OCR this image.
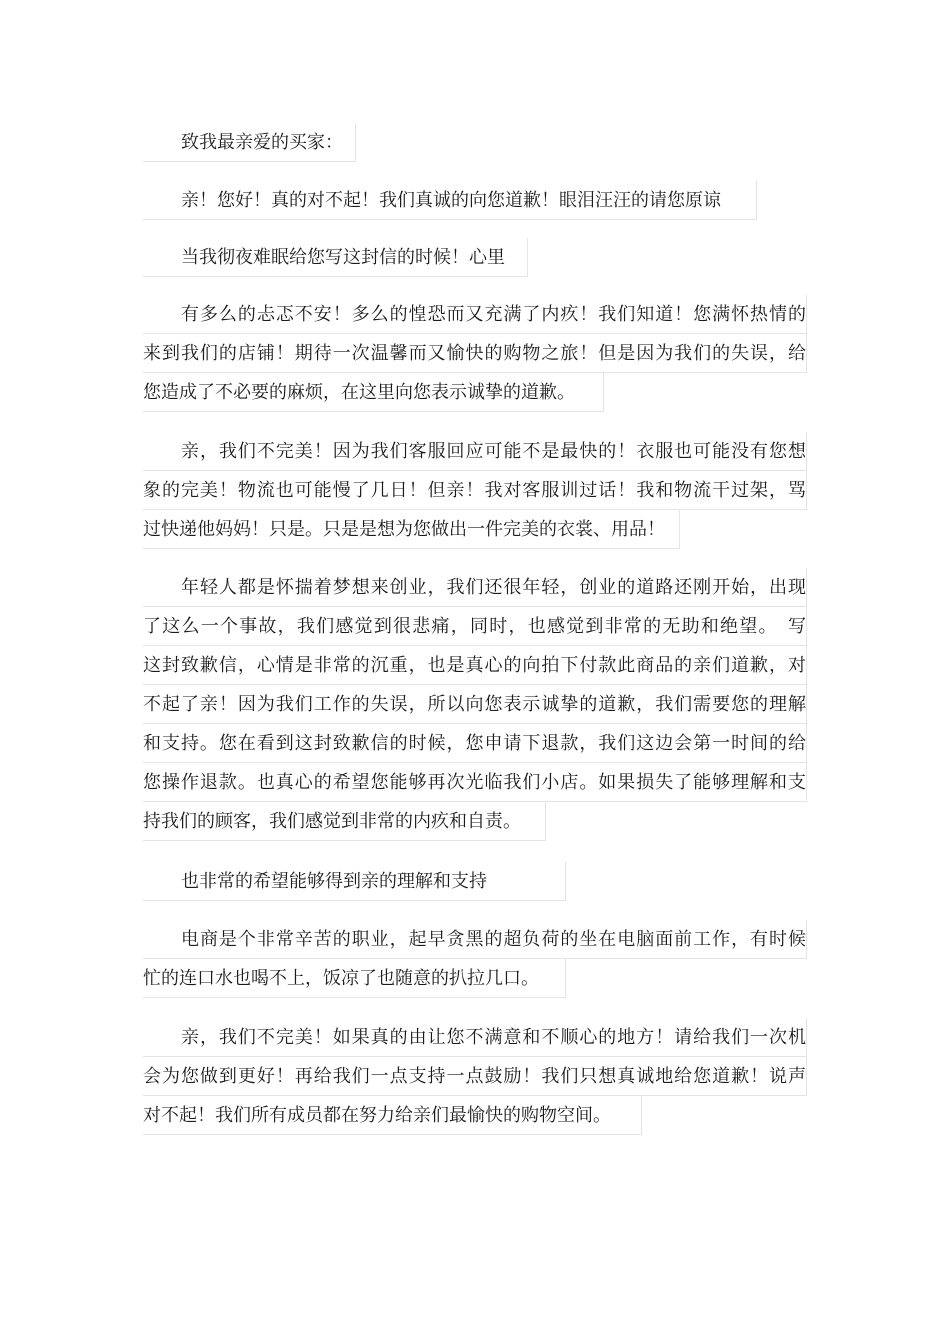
致我最亲爱的买家：
亲！您好！真的对不起！我们真诚的向您道歉！眼泪汪汪的请您原谅
当我彻夜难眠给您写这封信的时候！心里
有多么的忐忑不安！多么的惶恐而又充满了内疚！我们知道！您满怀热情的
来到我们的店铺！期待一次温馨而又愉快的购物之旅！但是因为我们的失误，给
您造成了不必要的麻烦，在这里向您表示诚挚的道歉。
亲，我们不完美！因为我们客服回应可能不是最快的！衣服也可能没有您想
象的完美！物流也可能慢了几日！但亲！我对客服训过话！我和物流干过架，骂
过快递他妈妈！只是。只是是想为您做出一件完美的衣裳、用品！
年轻人都是怀揣着梦想来创业，我们还很年轻，创业的道路还刚开始，出现
了这么一个事故，我们感觉到很悲痛，同时，也感觉到非常的无助和绝望。　写
这封致歉信，心情是非常的沉重，也是真心的向拍下付款此商品的亲们道歉，对
不起了亲！因为我们工作的失误，所以向您表示诚挚的道歉，我们需要您的理解
和支持。您在看到这封致歉信的时候，您申请下退款，我们这边会第一时间的给
您操作退款。也真心的希望您能够再次光临我们小店。如果损失了能够理解和支
持我们的顾客，我们感觉到非常的内疚和自责。
也非常的希望能够得到亲的理解和支持
电商是个非常辛苦的职业，起早贪黑的超负荷的坐在电脑面前工作，有时候
忙的连口水也喝不上，饭凉了也随意的扒拉几口。
亲，我们不完美！如果真的由让您不满意和不顺心的地方！请给我们一次机
会为您做到更好！再给我们一点支持一点鼓励！我们只想真诚地给您道歉！说声
对不起！我们所有成员都在努力给亲们最愉快的购物空间。
